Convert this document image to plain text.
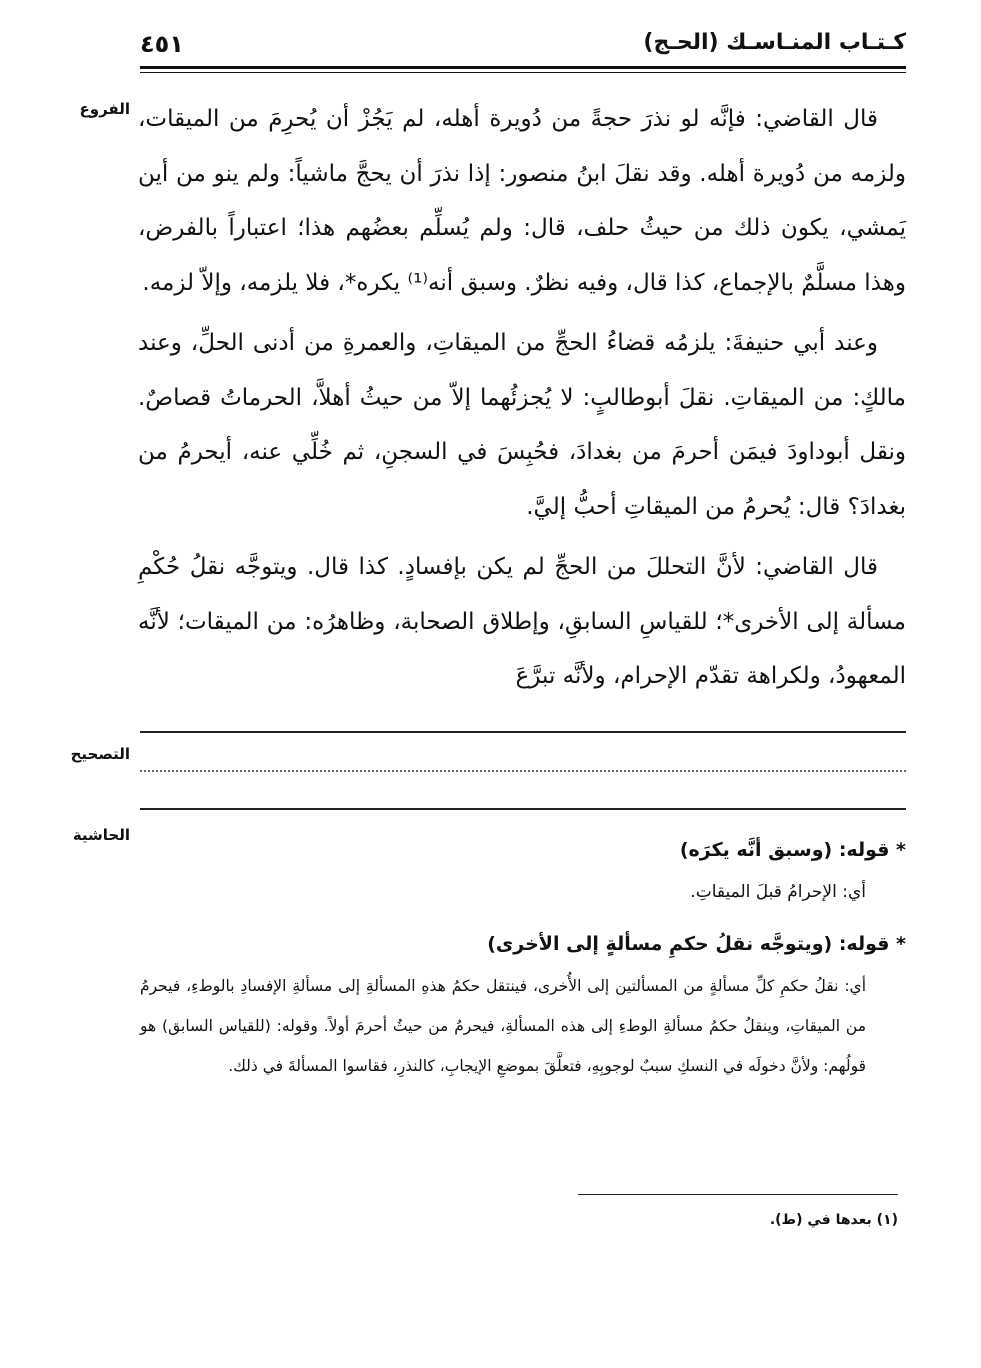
كـتـاب المنـاسـك (الحـج)
٤٥١
الفروع
التصحيح
الحاشية

قال القاضي: فإنَّه لو نذرَ حجةً من دُويرة أهله، لم يَجُزْ أن يُحرِمَ من الميقات، ولزمه من دُويرة أهله. وقد نقلَ ابنُ منصور: إذا نذرَ أن يحجَّ ماشياً: ولم ينو من أين يَمشي، يكون ذلك من حيثُ حلف، قال: ولم يُسلِّم بعضُهم هذا؛ اعتباراً بالفرض، وهذا مسلَّمٌ بالإجماع، كذا قال، وفيه نظرٌ. وسبق أنه⁽¹⁾ يكره*، فلا يلزمه، وإلاّ لزمه.

وعند أبي حنيفةَ: يلزمُه قضاءُ الحجِّ من الميقاتِ، والعمرةِ من أدنى الحلِّ، وعند مالكٍ: من الميقاتِ. نقلَ أبوطالبٍ: لا يُجزئُهما إلاّ من حيثُ أهلاَّ، الحرماتُ قصاصٌ. ونقل أبوداودَ فيمَن أحرمَ من بغدادَ، فحُبِسَ في السجنِ، ثم خُلِّي عنه، أيحرمُ من بغدادَ؟ قال: يُحرمُ من الميقاتِ أحبُّ إليَّ.

قال القاضي: لأنَّ التحللَ من الحجِّ لم يكن بإفسادٍ. كذا قال. ويتوجَّه نقلُ حُكْمِ مسألة إلى الأخرى*؛ للقياسِ السابقِ، وإطلاق الصحابة، وظاهرُه: من الميقات؛ لأنَّه المعهودُ، ولكراهة تقدّم الإحرام، ولأنَّه تبرَّعَ

* قوله: (وسبق أنَّه يكرَه)

أي: الإحرامُ قبلَ الميقاتِ.

* قوله: (ويتوجَّه نقلُ حكمِ مسألةٍ إلى الأخرى)

أي: نقلُ حكمِ كلِّ مسألةٍ من المسألتين إلى الأُخرى، فينتقل حكمُ هذهِ المسألةِ إلى مسألةِ الإفسادِ بالوطءِ، فيحرمُ من الميقاتِ، وينقلُ حكمُ مسألةِ الوطءِ إلى هذه المسألةِ، فيحرمُ من حيثُ أحرمَ أولاً. وقوله: (للقياس السابق) هو قولُهم: ولأنَّ دخولَه في النسكِ سببٌ لوجوبِهِ، فتعلَّقَ بموضعِ الإيجابِ، كالنذرِ، فقاسوا المسألةَ في ذلك.

(١) بعدها في (ط).
